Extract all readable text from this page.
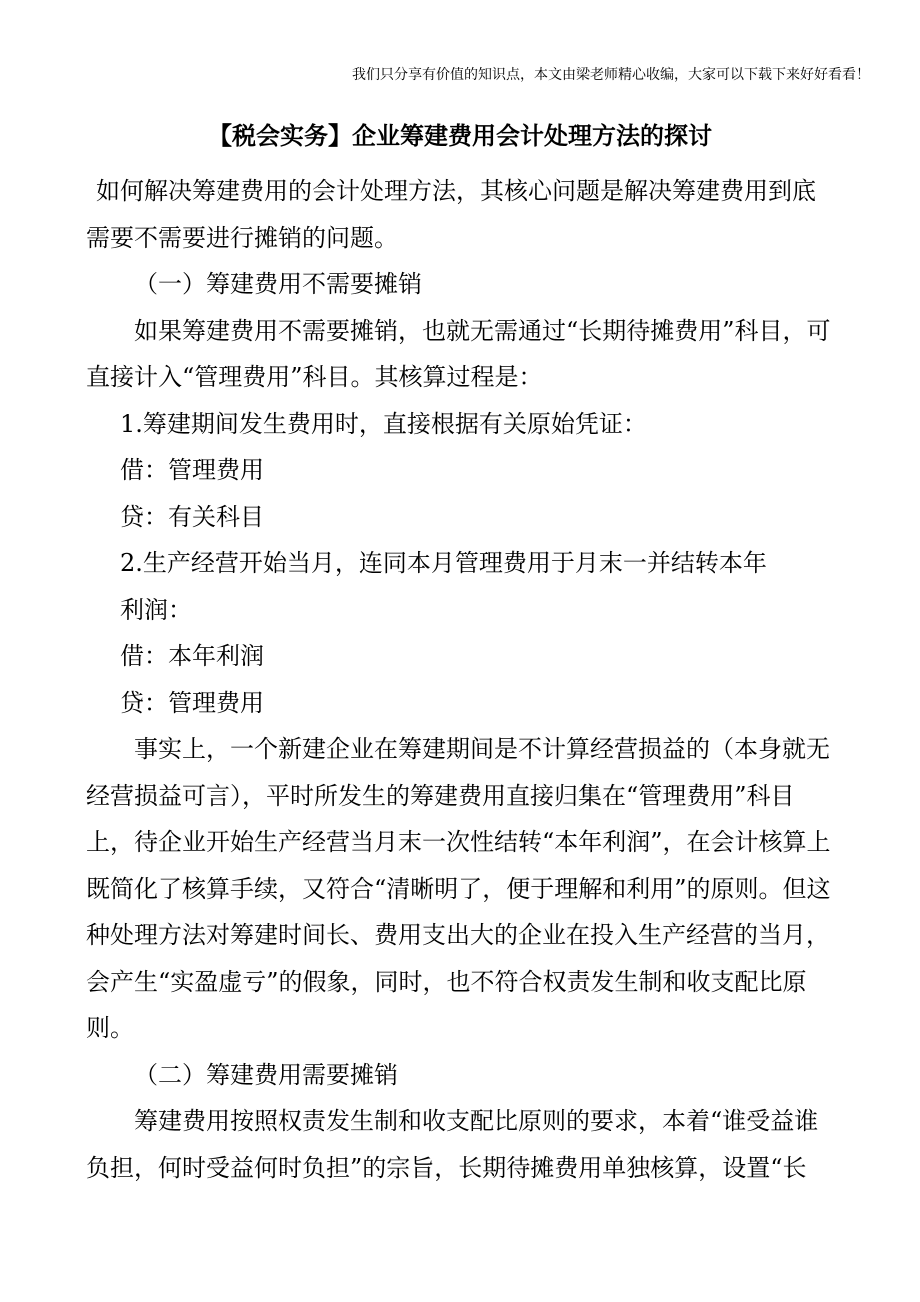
我们只分享有价值的知识点，本文由梁老师精心收编，大家可以下载下来好好看看！
【税会实务】企业筹建费用会计处理方法的探讨

如何解决筹建费用的会计处理方法，其核心问题是解决筹建费用到底需要不需要进行摊销的问题。

（一）筹建费用不需要摊销

如果筹建费用不需要摊销，也就无需通过“长期待摊费用”科目，可直接计入“管理费用”科目。其核算过程是：

1.筹建期间发生费用时，直接根据有关原始凭证：

借：管理费用

贷：有关科目

2.生产经营开始当月，连同本月管理费用于月末一并结转本年

利润：

借：本年利润

贷：管理费用

事实上，一个新建企业在筹建期间是不计算经营损益的（本身就无经营损益可言），平时所发生的筹建费用直接归集在“管理费用”科目上，待企业开始生产经营当月末一次性结转“本年利润”，在会计核算上既简化了核算手续，又符合“清晰明了，便于理解和利用”的原则。但这种处理方法对筹建时间长、费用支出大的企业在投入生产经营的当月，会产生“实盈虚亏”的假象，同时，也不符合权责发生制和收支配比原则。

（二）筹建费用需要摊销

筹建费用按照权责发生制和收支配比原则的要求，本着“谁受益谁负担，何时受益何时负担”的宗旨，长期待摊费用单独核算，设置“长
